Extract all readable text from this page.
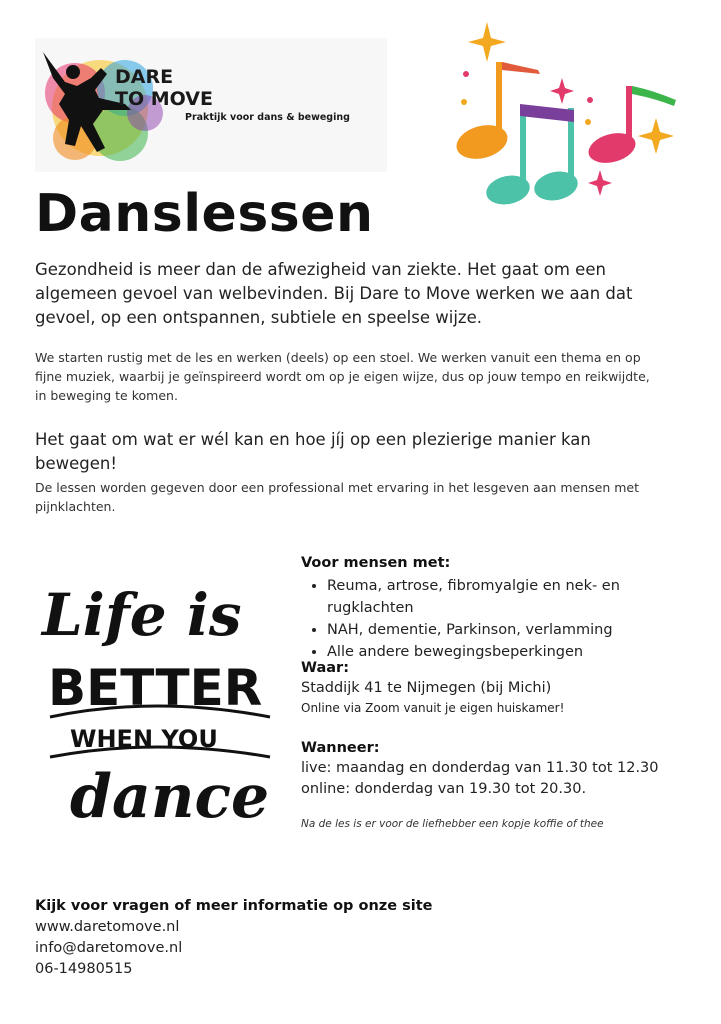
DARE
TO MOVE
Praktijk voor dans & beweging
Danslessen
Gezondheid is meer dan de afwezigheid van ziekte. Het gaat om een algemeen gevoel van welbevinden. Bij Dare to Move werken we aan dat gevoel, op een ontspannen, subtiele en speelse wijze.
We starten rustig met de les en werken (deels) op een stoel. We werken vanuit een thema en op fijne muziek, waarbij je geïnspireerd wordt om op je eigen wijze, dus op jouw tempo en reikwijdte, in beweging te komen.
Het gaat om wat er wél kan en hoe jíj op een plezierige manier kan bewegen!
De lessen worden gegeven door een professional met ervaring in het lesgeven aan mensen met pijnklachten.
Life is
BETTER
WHEN YOU
dance
Voor mensen met:
• Reuma, artrose, fibromyalgie en nek- en rugklachten
• NAH, dementie, Parkinson, verlamming
• Alle andere bewegingsbeperkingen
Waar:
Staddijk 41 te Nijmegen (bij Michi)
Online via Zoom vanuit je eigen huiskamer!
Wanneer:
live: maandag en donderdag van 11.30 tot 12.30
online: donderdag van 19.30 tot 20.30.
Na de les is er voor de liefhebber een kopje koffie of thee
Kijk voor vragen of meer informatie op onze site
www.daretomove.nl
info@daretomove.nl
06-14980515
